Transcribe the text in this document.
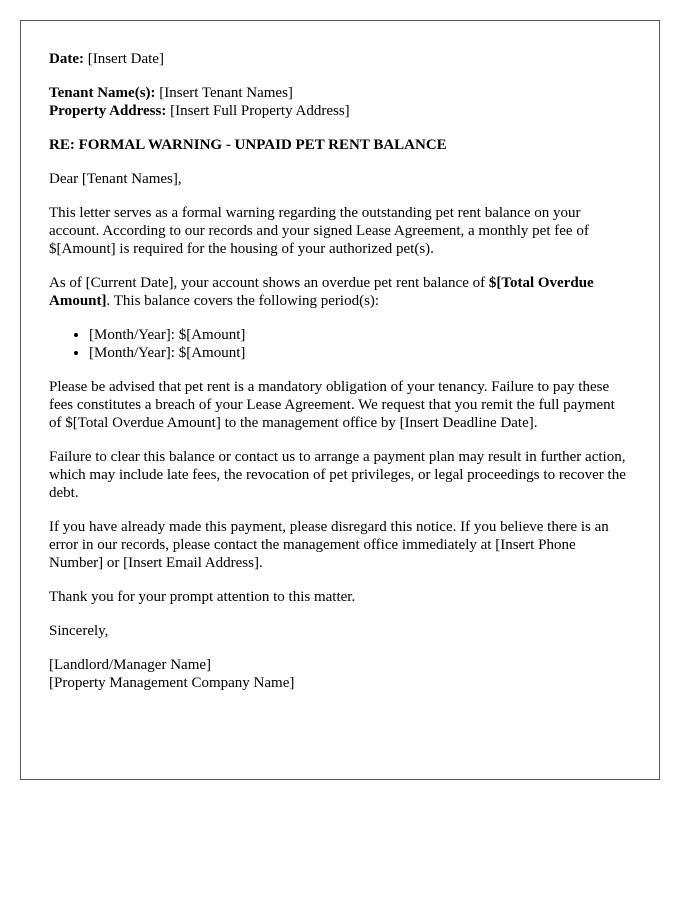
Date: [Insert Date]

Tenant Name(s): [Insert Tenant Names]

Property Address: [Insert Full Property Address]

RE: FORMAL WARNING - UNPAID PET RENT BALANCE

Dear [Tenant Names],

This letter serves as a formal warning regarding the outstanding pet rent balance on your account. According to our records and your signed Lease Agreement, a monthly pet fee of $[Amount] is required for the housing of your authorized pet(s).

As of [Current Date], your account shows an overdue pet rent balance of $[Total Overdue Amount]. This balance covers the following period(s):

• [Month/Year]: $[Amount]
• [Month/Year]: $[Amount]

Please be advised that pet rent is a mandatory obligation of your tenancy. Failure to pay these fees constitutes a breach of your Lease Agreement. We request that you remit the full payment of $[Total Overdue Amount] to the management office by [Insert Deadline Date].

Failure to clear this balance or contact us to arrange a payment plan may result in further action, which may include late fees, the revocation of pet privileges, or legal proceedings to recover the debt.

If you have already made this payment, please disregard this notice. If you believe there is an error in our records, please contact the management office immediately at [Insert Phone Number] or [Insert Email Address].

Thank you for your prompt attention to this matter.

Sincerely,

[Landlord/Manager Name]

[Property Management Company Name]
